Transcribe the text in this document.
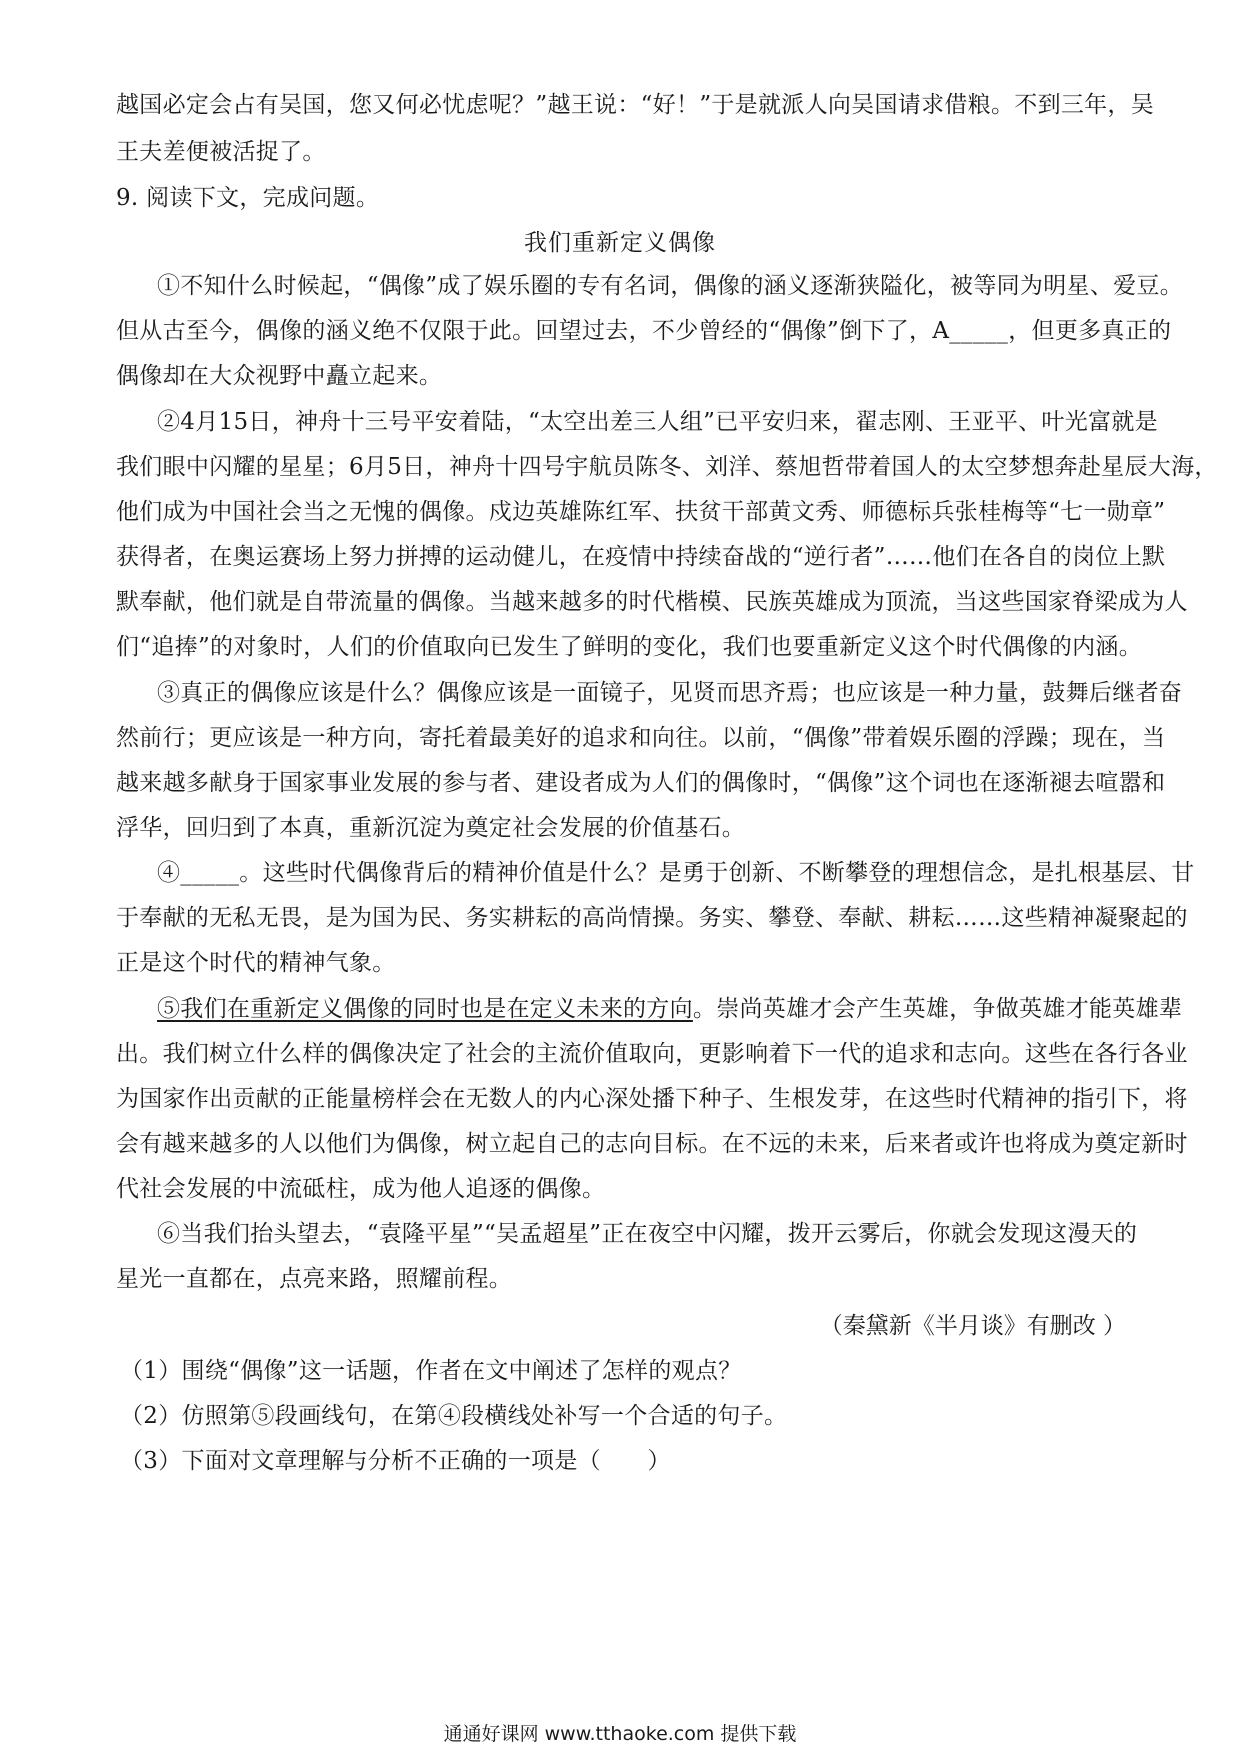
越国必定会占有吴国，您又何必忧虑呢？”越王说：“好！”于是就派人向吴国请求借粮。不到三年，吴
王夫差便被活捉了。
9. 阅读下文，完成问题。
我们重新定义偶像
①不知什么时候起，“偶像”成了娱乐圈的专有名词，偶像的涵义逐渐狭隘化，被等同为明星、爱豆。
但从古至今，偶像的涵义绝不仅限于此。回望过去，不少曾经的“偶像”倒下了，A_____，但更多真正的
偶像却在大众视野中矗立起来。
②4月15日，神舟十三号平安着陆，“太空出差三人组”已平安归来，翟志刚、王亚平、叶光富就是
我们眼中闪耀的星星；6月5日，神舟十四号宇航员陈冬、刘洋、蔡旭哲带着国人的太空梦想奔赴星辰大海，
他们成为中国社会当之无愧的偶像。戍边英雄陈红军、扶贫干部黄文秀、师德标兵张桂梅等“七一勋章”
获得者，在奥运赛场上努力拼搏的运动健儿，在疫情中持续奋战的“逆行者”……他们在各自的岗位上默
默奉献，他们就是自带流量的偶像。当越来越多的时代楷模、民族英雄成为顶流，当这些国家脊梁成为人
们“追捧”的对象时，人们的价值取向已发生了鲜明的变化，我们也要重新定义这个时代偶像的内涵。
③真正的偶像应该是什么？偶像应该是一面镜子，见贤而思齐焉；也应该是一种力量，鼓舞后继者奋
然前行；更应该是一种方向，寄托着最美好的追求和向往。以前，“偶像”带着娱乐圈的浮躁；现在，当
越来越多献身于国家事业发展的参与者、建设者成为人们的偶像时，“偶像”这个词也在逐渐褪去喧嚣和
浮华，回归到了本真，重新沉淀为奠定社会发展的价值基石。
④_____。这些时代偶像背后的精神价值是什么？是勇于创新、不断攀登的理想信念，是扎根基层、甘
于奉献的无私无畏，是为国为民、务实耕耘的高尚情操。务实、攀登、奉献、耕耘……这些精神凝聚起的
正是这个时代的精神气象。
⑤我们在重新定义偶像的同时也是在定义未来的方向。崇尚英雄才会产生英雄，争做英雄才能英雄辈
出。我们树立什么样的偶像决定了社会的主流价值取向，更影响着下一代的追求和志向。这些在各行各业
为国家作出贡献的正能量榜样会在无数人的内心深处播下种子、生根发芽，在这些时代精神的指引下，将
会有越来越多的人以他们为偶像，树立起自己的志向目标。在不远的未来，后来者或许也将成为奠定新时
代社会发展的中流砥柱，成为他人追逐的偶像。
⑥当我们抬头望去，“袁隆平星”“吴孟超星”正在夜空中闪耀，拨开云雾后，你就会发现这漫天的
星光一直都在，点亮来路，照耀前程。
（秦黛新《半月谈》有删改 ）
（1）围绕“偶像”这一话题，作者在文中阐述了怎样的观点？
（2）仿照第⑤段画线句，在第④段横线处补写一个合适的句子。
（3）下面对文章理解与分析不正确的一项是（　　）
通通好课网 www.tthaoke.com 提供下载
